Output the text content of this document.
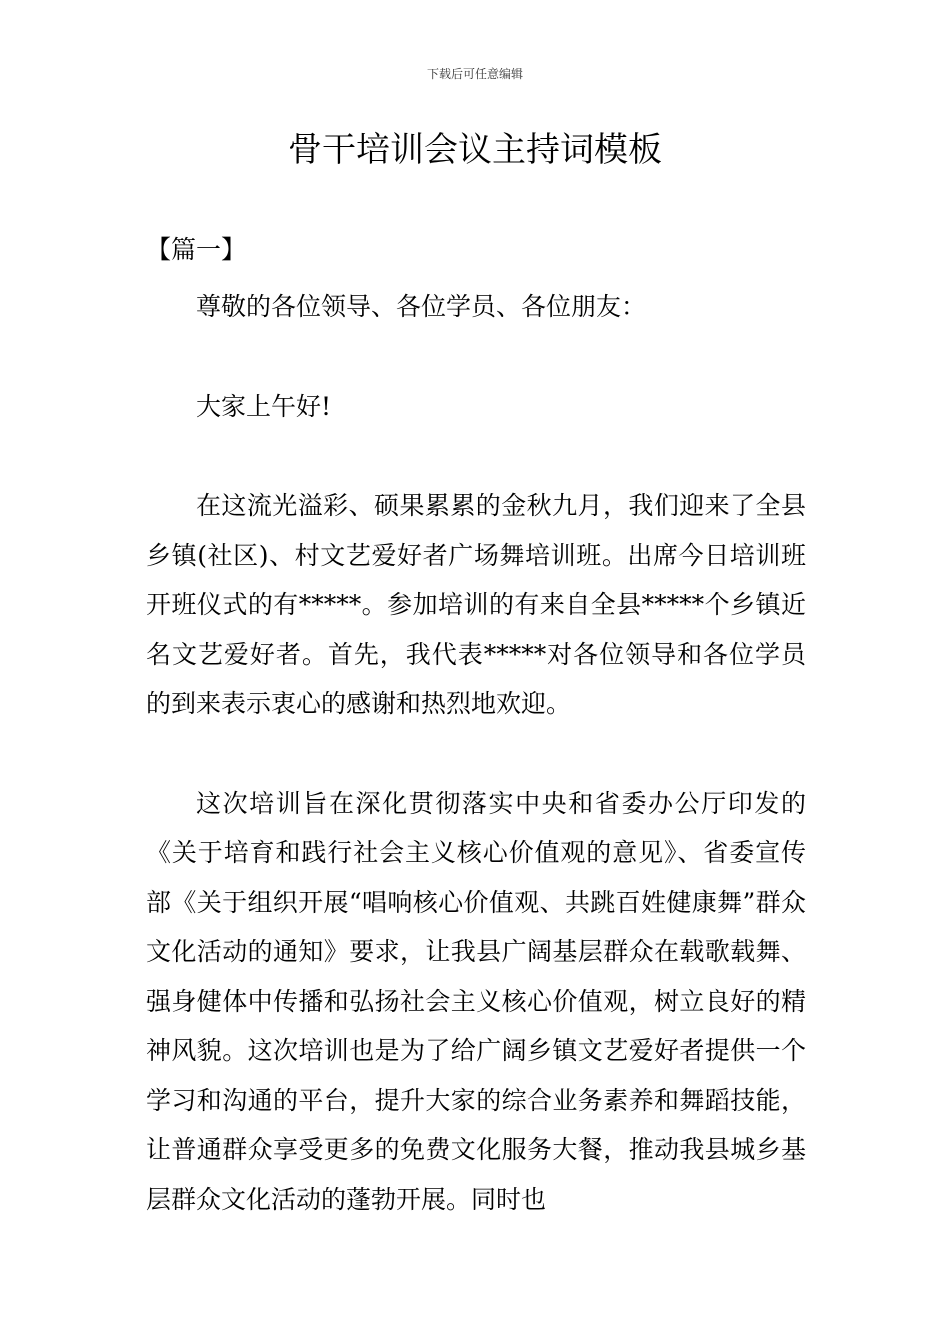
下载后可任意编辑
骨干培训会议主持词模板
【篇一】

尊敬的各位领导、各位学员、各位朋友：

大家上午好!

在这流光溢彩、硕果累累的金秋九月，我们迎来了全县乡镇(社区)、村文艺爱好者广场舞培训班。出席今日培训班开班仪式的有*****。参加培训的有来自全县*****个乡镇近名文艺爱好者。首先，我代表*****对各位领导和各位学员的到来表示衷心的感谢和热烈地欢迎。

这次培训旨在深化贯彻落实中央和省委办公厅印发的《关于培育和践行社会主义核心价值观的意见》、省委宣传部《关于组织开展“唱响核心价值观、共跳百姓健康舞”群众文化活动的通知》要求，让我县广阔基层群众在载歌载舞、强身健体中传播和弘扬社会主义核心价值观，树立良好的精神风貌。这次培训也是为了给广阔乡镇文艺爱好者提供一个学习和沟通的平台，提升大家的综合业务素养和舞蹈技能，让普通群众享受更多的免费文化服务大餐，推动我县城乡基层群众文化活动的蓬勃开展。同时也
